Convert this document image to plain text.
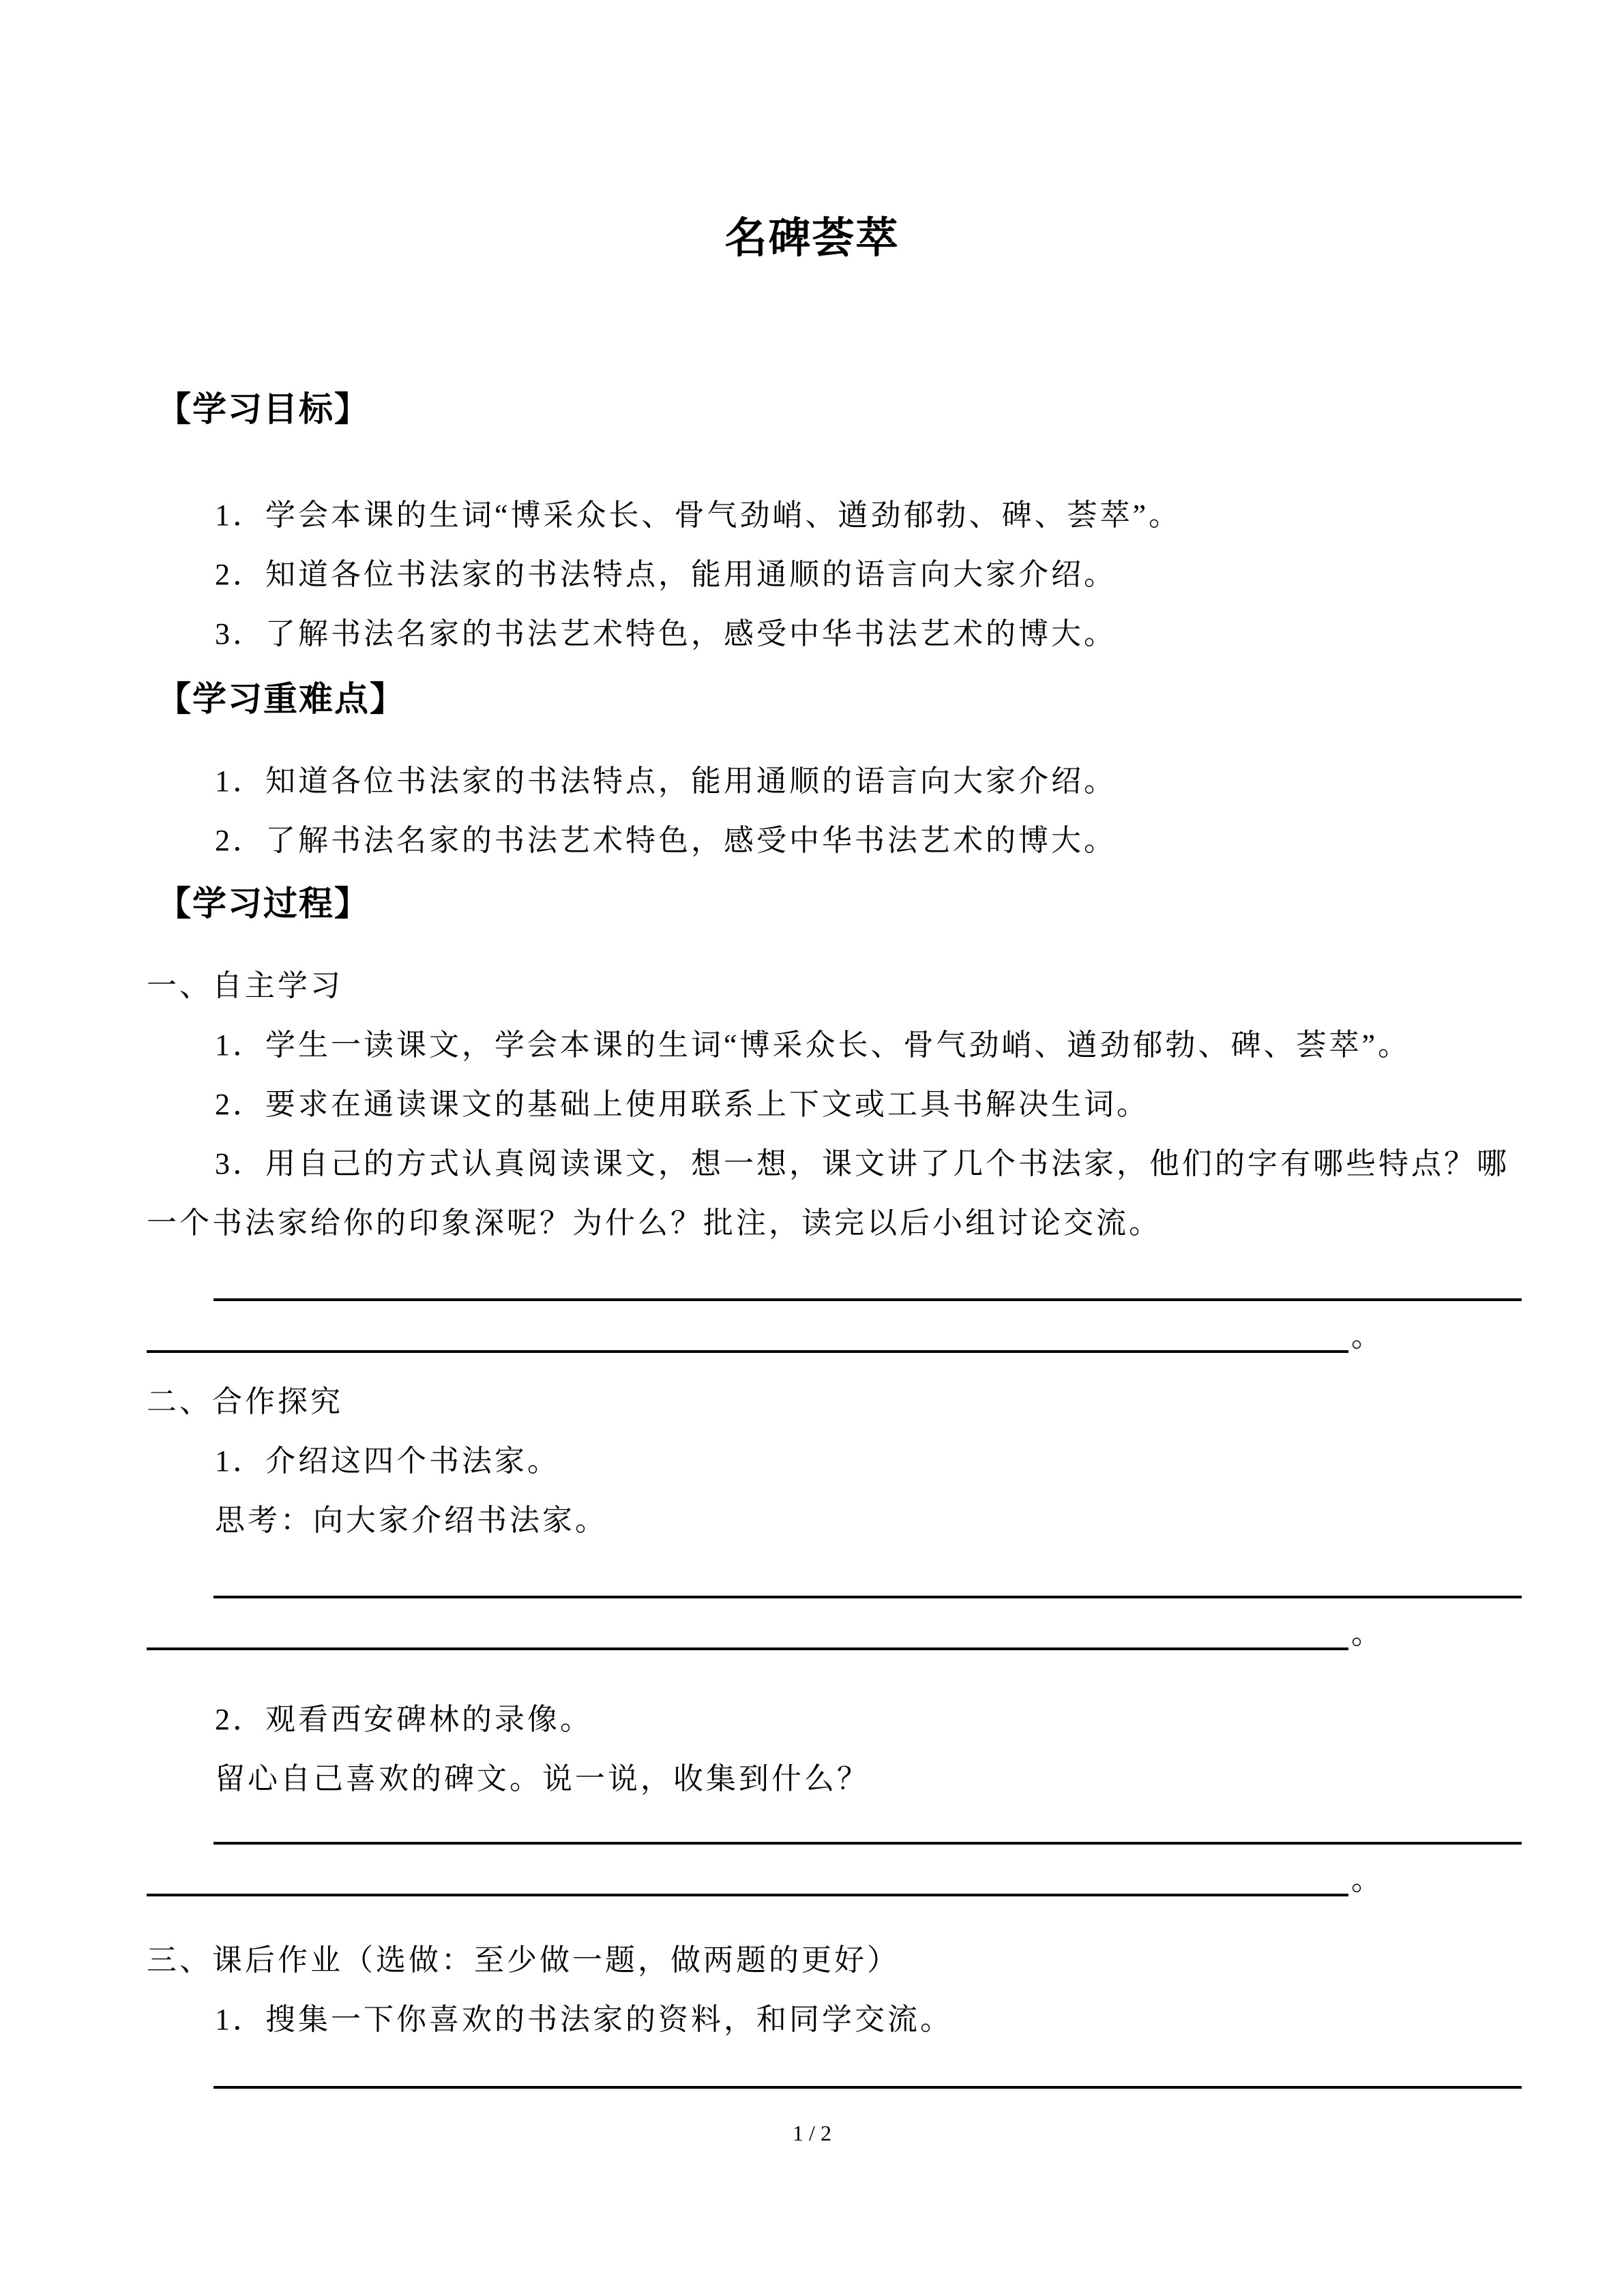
名碑荟萃
【学习目标】

1．学会本课的生词“博采众长、骨气劲峭、遒劲郁勃、碑、荟萃”。

2．知道各位书法家的书法特点，能用通顺的语言向大家介绍。

3．了解书法名家的书法艺术特色，感受中华书法艺术的博大。

【学习重难点】

1．知道各位书法家的书法特点，能用通顺的语言向大家介绍。

2．了解书法名家的书法艺术特色，感受中华书法艺术的博大。

【学习过程】

一、自主学习

1．学生一读课文，学会本课的生词“博采众长、骨气劲峭、遒劲郁勃、碑、荟萃”。

2．要求在通读课文的基础上使用联系上下文或工具书解决生词。

3．用自己的方式认真阅读课文，想一想，课文讲了几个书法家，他们的字有哪些特点？哪一个书法家给你的印象深呢？为什么？批注，读完以后小组讨论交流。

。

二、合作探究

1．介绍这四个书法家。

思考：向大家介绍书法家。

。

2．观看西安碑林的录像。

留心自己喜欢的碑文。说一说，收集到什么？

。

三、课后作业（选做：至少做一题，做两题的更好）

1．搜集一下你喜欢的书法家的资料，和同学交流。

1 / 2
